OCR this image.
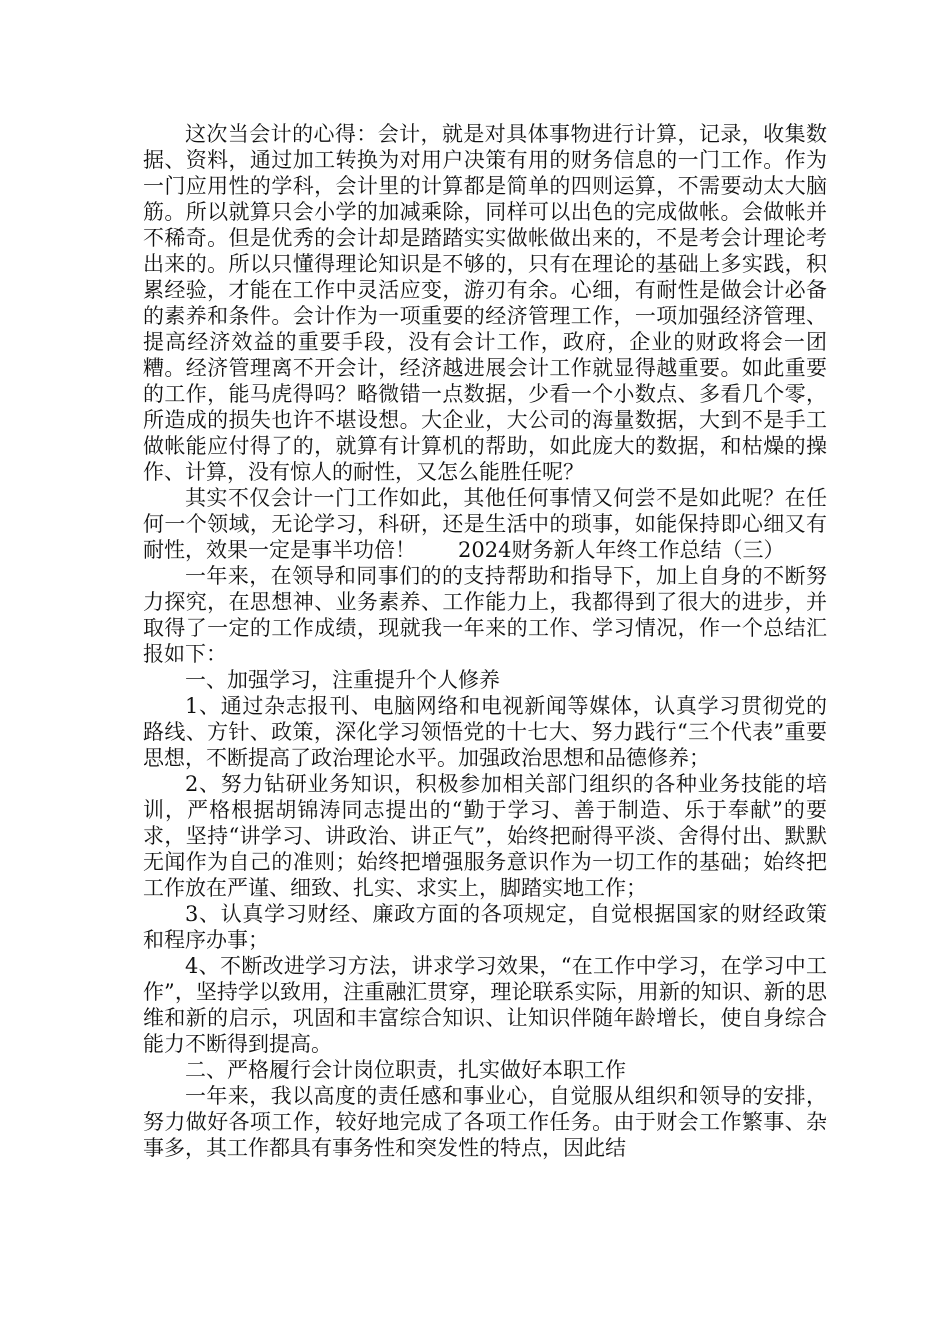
这次当会计的心得：会计，就是对具体事物进行计算，记录，收集数据、资料，通过加工转换为对用户决策有用的财务信息的一门工作。作为一门应用性的学科，会计里的计算都是简单的四则运算，不需要动太大脑筋。所以就算只会小学的加减乘除，同样可以出色的完成做帐。会做帐并不稀奇。但是优秀的会计却是踏踏实实做帐做出来的，不是考会计理论考出来的。所以只懂得理论知识是不够的，只有在理论的基础上多实践，积累经验，才能在工作中灵活应变，游刃有余。心细，有耐性是做会计必备的素养和条件。会计作为一项重要的经济管理工作，一项加强经济管理、提高经济效益的重要手段，没有会计工作，政府，企业的财政将会一团糟。经济管理离不开会计，经济越进展会计工作就显得越重要。如此重要的工作，能马虎得吗？略微错一点数据，少看一个小数点、多看几个零，所造成的损失也许不堪设想。大企业，大公司的海量数据，大到不是手工做帐能应付得了的，就算有计算机的帮助，如此庞大的数据，和枯燥的操作、计算，没有惊人的耐性，又怎么能胜任呢？

其实不仅会计一门工作如此，其他任何事情又何尝不是如此呢？在任何一个领域，无论学习，科研，还是生活中的琐事，如能保持即心细又有耐性，效果一定是事半功倍！　　2024财务新人年终工作总结（三）

一年来，在领导和同事们的的支持帮助和指导下，加上自身的不断努力探究，在思想神、业务素养、工作能力上，我都得到了很大的进步，并取得了一定的工作成绩，现就我一年来的工作、学习情况，作一个总结汇报如下：

一、加强学习，注重提升个人修养

1、通过杂志报刊、电脑网络和电视新闻等媒体，认真学习贯彻党的路线、方针、政策，深化学习领悟党的十七大、努力践行“三个代表”重要思想，不断提高了政治理论水平。加强政治思想和品德修养；

2、努力钻研业务知识，积极参加相关部门组织的各种业务技能的培训，严格根据胡锦涛同志提出的“勤于学习、善于制造、乐于奉献”的要求，坚持“讲学习、讲政治、讲正气”，始终把耐得平淡、舍得付出、默默无闻作为自己的准则；始终把增强服务意识作为一切工作的基础；始终把工作放在严谨、细致、扎实、求实上，脚踏实地工作；

3、认真学习财经、廉政方面的各项规定，自觉根据国家的财经政策和程序办事；

4、不断改进学习方法，讲求学习效果，“在工作中学习，在学习中工作”，坚持学以致用，注重融汇贯穿，理论联系实际，用新的知识、新的思维和新的启示，巩固和丰富综合知识、让知识伴随年龄增长，使自身综合能力不断得到提高。

二、严格履行会计岗位职责，扎实做好本职工作

一年来，我以高度的责任感和事业心，自觉服从组织和领导的安排，努力做好各项工作，较好地完成了各项工作任务。由于财会工作繁事、杂事多，其工作都具有事务性和突发性的特点，因此结
